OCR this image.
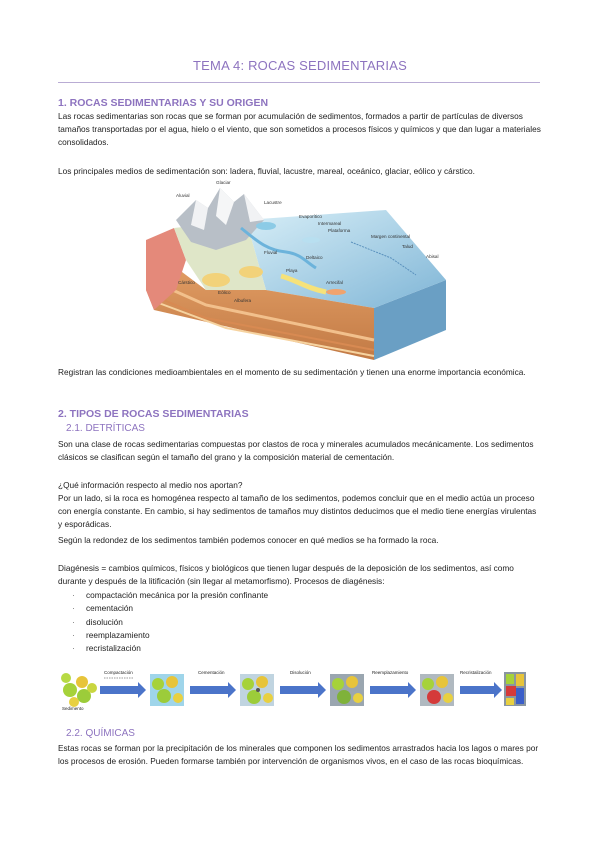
TEMA 4: ROCAS SEDIMENTARIAS
1. ROCAS SEDIMENTARIAS Y SU ORIGEN

Las rocas sedimentarias son rocas que se forman por acumulación de sedimentos, formados a partir de partículas de diversos tamaños transportadas por el agua, hielo o el viento, que son sometidos a procesos físicos y químicos y que dan lugar a materiales consolidados.

Los principales medios de sedimentación son: ladera, fluvial, lacustre, mareal, oceánico, glaciar, eólico y cárstico.

Glaciar
Aluvial
Lacustre
Evaporítico
Intermareal
Plataforma
Margen continental
Talud
Fluvial
Deltaico	Abisal
Playa
Arrecifal
Cárstico
Eólico
Albufera

Registran las condiciones medioambientales en el momento de su sedimentación y tienen una enorme importancia económica.

2. TIPOS DE ROCAS SEDIMENTARIAS
2.1. DETRÍTICAS

Son una clase de rocas sedimentarias compuestas por clastos de roca y minerales acumulados mecánicamente. Los sedimentos clásicos se clasifican según el tamaño del grano y la composición material de cementación.

¿Qué información respecto al medio nos aportan?

Por un lado, si la roca es homogénea respecto al tamaño de los sedimentos, podemos concluir que en el medio actúa un proceso con energía constante. En cambio, si hay sedimentos de tamaños muy distintos deducimos que el medio tiene energías virulentas y esporádicas.

Según la redondez de los sedimentos también podemos conocer en qué medios se ha formado la roca.

Diagénesis = cambios químicos, físicos y biológicos que tienen lugar después de la deposición de los sedimentos, así como durante y después de la litificación (sin llegar al metamorfismo). Procesos de diagénesis:

· compactación mecánica por la presión confinante
· cementación
· disolución
· reemplazamiento
· recristalización
Sedimento
Compactación	Cementación	Disolución	Reemplazamiento	Recristalización
2.2. QUÍMICAS

Estas rocas se forman por la precipitación de los minerales que componen los sedimentos arrastrados hacia los lagos o mares por los procesos de erosión. Pueden formarse también por intervención de organismos vivos, en el caso de las rocas bioquímicas.
